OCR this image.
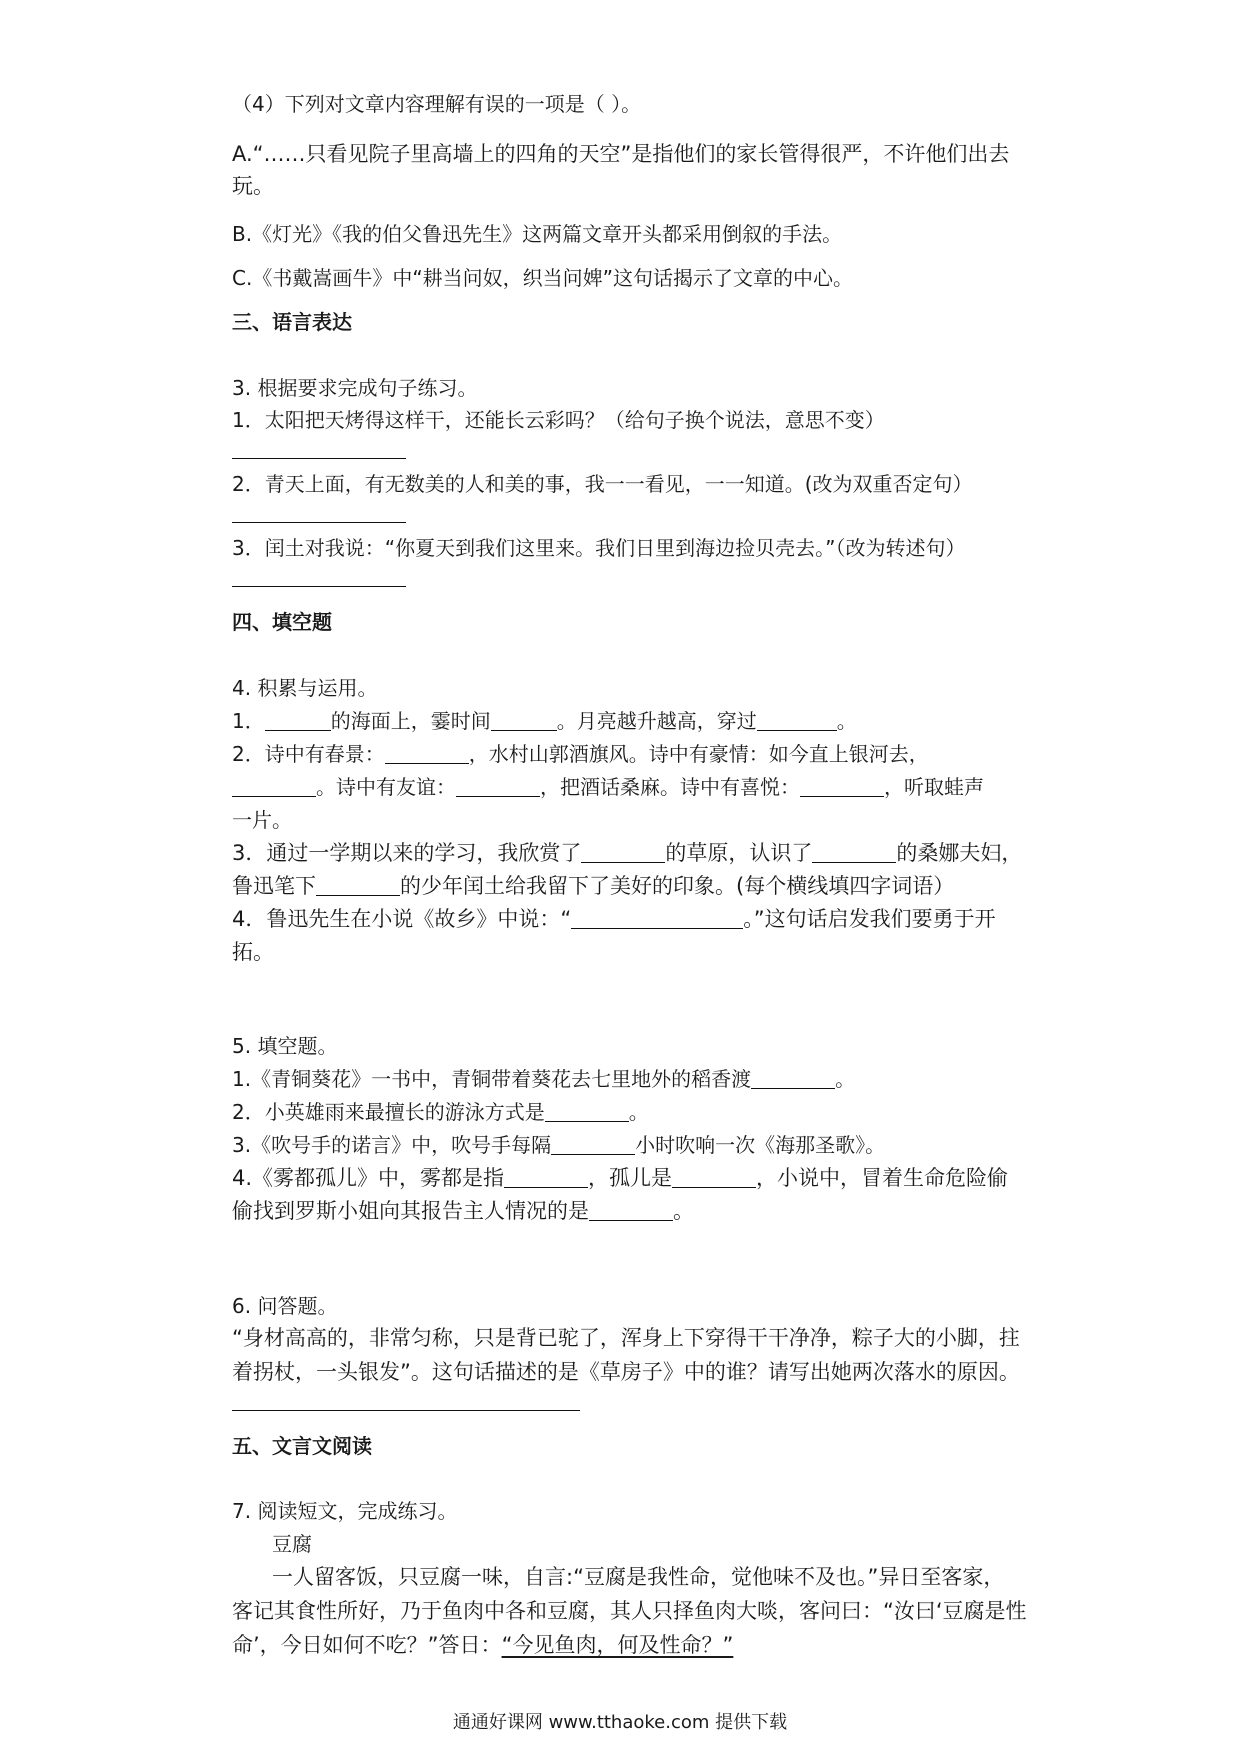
（4）下列对文章内容理解有误的一项是（ ）。

A.“……只看见院子里高墙上的四角的天空”是指他们的家长管得很严，不许他们出去

玩。

B.《灯光》《我的伯父鲁迅先生》这两篇文章开头都采用倒叙的手法。

C.《书戴嵩画牛》中“耕当问奴，织当问婢”这句话揭示了文章的中心。

三、语言表达

3. 根据要求完成句子练习。

1．太阳把天烤得这样干，还能长云彩吗？（给句子换个说法，意思不变）

2．青天上面，有无数美的人和美的事，我一一看见，一一知道。(改为双重否定句）

3．闰土对我说：“你夏天到我们这里来。我们日里到海边捡贝壳去。”（改为转述句）

四、填空题

4. 积累与运用。

1．	的海面上，霎时间	。月亮越升越高，穿过	。

2．诗中有春景：	，水村山郭酒旗风。诗中有豪情：如今直上银河去，

。诗中有友谊：	，把酒话桑麻。诗中有喜悦：	，听取蛙声

一片。

3．通过一学期以来的学习，我欣赏了	的草原，认识了	的桑娜夫妇，

鲁迅笔下	的少年闰土给我留下了美好的印象。(每个横线填四字词语）

4．鲁迅先生在小说《故乡》中说：“	。”这句话启发我们要勇于开

拓。

5. 填空题。

1.《青铜葵花》一书中，青铜带着葵花去七里地外的稻香渡	。

2．小英雄雨来最擅长的游泳方式是	。

3.《吹号手的诺言》中，吹号手每隔	小时吹响一次《海那圣歌》。

4.《雾都孤儿》中，雾都是指	，孤儿是	，小说中，冒着生命危险偷

偷找到罗斯小姐向其报告主人情况的是	。

6. 问答题。

“身材高高的，非常匀称，只是背已驼了，浑身上下穿得干干净净，粽子大的小脚，拄

着拐杖，一头银发”。这句话描述的是《草房子》中的谁？请写出她两次落水的原因。

五、文言文阅读

7. 阅读短文，完成练习。

豆腐

一人留客饭，只豆腐一味，自言:“豆腐是我性命，觉他味不及也。”异日至客家，

客记其食性所好，乃于鱼肉中各和豆腐，其人只择鱼肉大啖，客问曰：“汝曰‘豆腐是性

命’，今日如何不吃？”答日：“今见鱼肉，何及性命？”

通通好课网 www.tthaoke.com 提供下载
